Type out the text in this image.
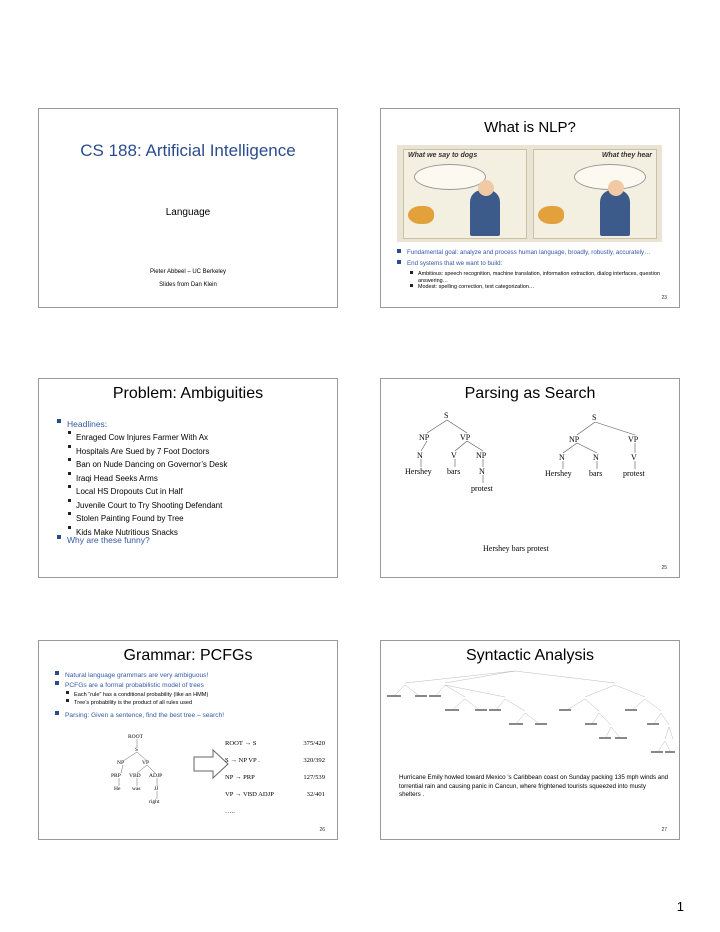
CS 188: Artificial Intelligence
Language
Pieter Abbeel – UC Berkeley
Slides from Dan Klein
What is NLP?
What we say to dogs	What they hear
Fundamental goal: analyze and process human language, broadly, robustly, accurately…
End systems that we want to build:
Ambitious: speech recognition, machine translation, information extraction, dialog interfaces, question answering…
Modest: spelling correction, text categorization…
23
Problem: Ambiguities
Headlines:
Enraged Cow Injures Farmer With Ax
Hospitals Are Sued by 7 Foot Doctors
Ban on Nude Dancing on Governor’s Desk
Iraqi Head Seeks Arms
Local HS Dropouts Cut in Half
Juvenile Court to Try Shooting Defendant
Stolen Painting Found by Tree
Kids Make Nutritious Snacks
Why are these funny?
Parsing as Search
S
NP	VP
N	V NP
Hershey bars N
protest
S
NP	VP
N	N	V
Hershey bars	protest
Hershey bars protest
25
Grammar: PCFGs
Natural language grammars are very ambiguous!
PCFGs are a formal probabilistic model of trees
Each “rule” has a conditional probability (like an HMM)
Tree’s probability is the product of all rules used
Parsing: Given a sentence, find the best tree – search!
ROOT
S
NP	VP
PRP VBD ADJP
He was JJ
right
ROOT → S	375/420
S → NP VP .	320/392
NP → PRP	127/539
VP → VBD ADJP	32/401
…..
26
Syntactic Analysis
Hurricane Emily howled toward Mexico 's Caribbean coast on Sunday packing 135 mph winds and torrential rain and causing panic in Cancun, where frightened tourists squeezed into musty shelters .
27
1
